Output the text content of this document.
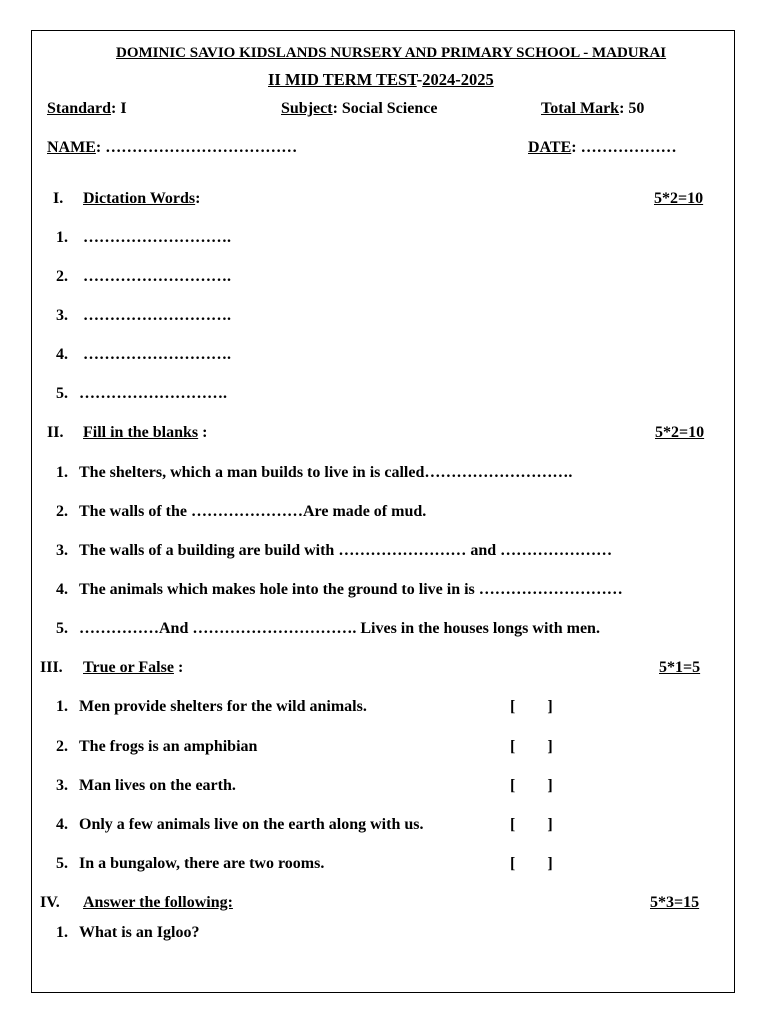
DOMINIC SAVIO KIDSLANDS NURSERY AND PRIMARY SCHOOL - MADURAI
II MID TERM TEST-2024-2025
Standard: I	Subject: Social Science	Total Mark: 50
NAME: ………………………………	DATE: ………………
I. Dictation Words:	5*2=10
1. ……………………….
2. ……………………….
3. ……………………….
4. ……………………….
5. ……………………….
II. Fill in the blanks :	5*2=10
1. The shelters, which a man builds to live in is called……………………….
2. The walls of the …………………Are made of mud.
3. The walls of a building are build with …………………… and …………………
4. The animals which makes hole into the ground to live in is ………………………
5. ……………And …………………………. Lives in the houses longs with men.
III. True or False :	5*1=5
1. Men provide shelters for the wild animals.	[        ]
2. The frogs is an amphibian	[        ]
3. Man lives on the earth.	[        ]
4. Only a few animals live on the earth along with us.	[        ]
5. In a bungalow, there are two rooms.	[        ]
IV. Answer the following:	5*3=15
1. What is an Igloo?
